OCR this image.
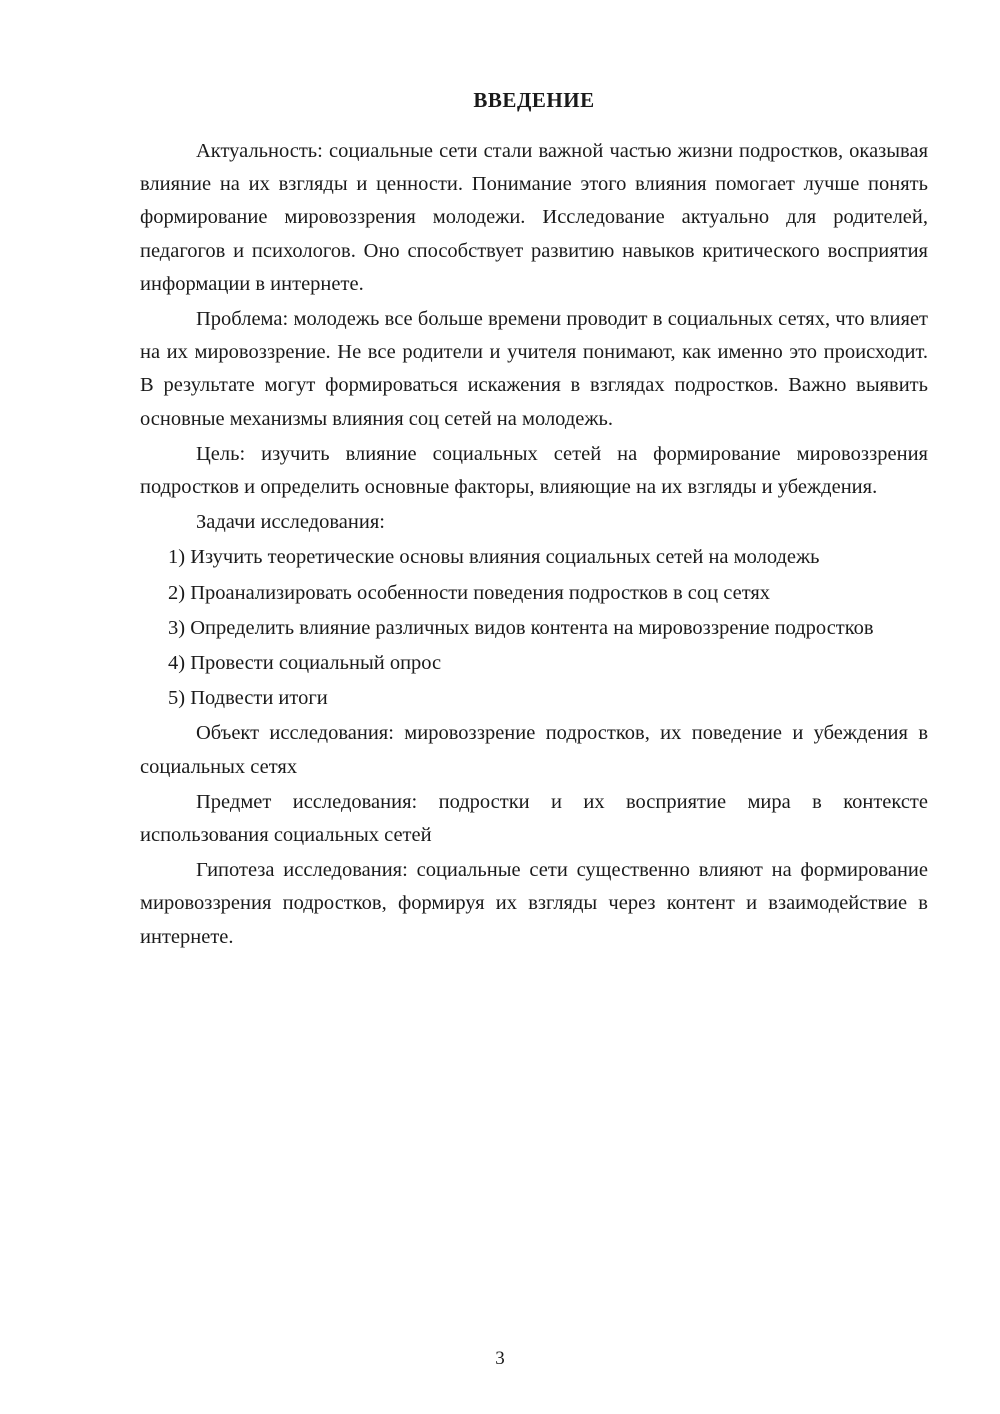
ВВЕДЕНИЕ

Актуальность: социальные сети стали важной частью жизни подростков, оказывая влияние на их взгляды и ценности. Понимание этого влияния помогает лучше понять формирование мировоззрения молодежи. Исследование актуально для родителей, педагогов и психологов. Оно способствует развитию навыков критического восприятия информации в интернете.

Проблема: молодежь все больше времени проводит в социальных сетях, что влияет на их мировоззрение. Не все родители и учителя понимают, как именно это происходит. В результате могут формироваться искажения в взглядах подростков. Важно выявить основные механизмы влияния соц сетей на молодежь.

Цель: изучить влияние социальных сетей на формирование мировоззрения подростков и определить основные факторы, влияющие на их взгляды и убеждения.

Задачи исследования:

1) Изучить теоретические основы влияния социальных сетей на молодежь

2) Проанализировать особенности поведения подростков в соц сетях

3) Определить влияние различных видов контента на мировоззрение подростков

4) Провести социальный опрос

5) Подвести итоги

Объект исследования: мировоззрение подростков, их поведение и убеждения в социальных сетях

Предмет исследования: подростки и их восприятие мира в контексте использования социальных сетей

Гипотеза исследования: социальные сети существенно влияют на формирование мировоззрения подростков, формируя их взгляды через контент и взаимодействие в интернете.

3
